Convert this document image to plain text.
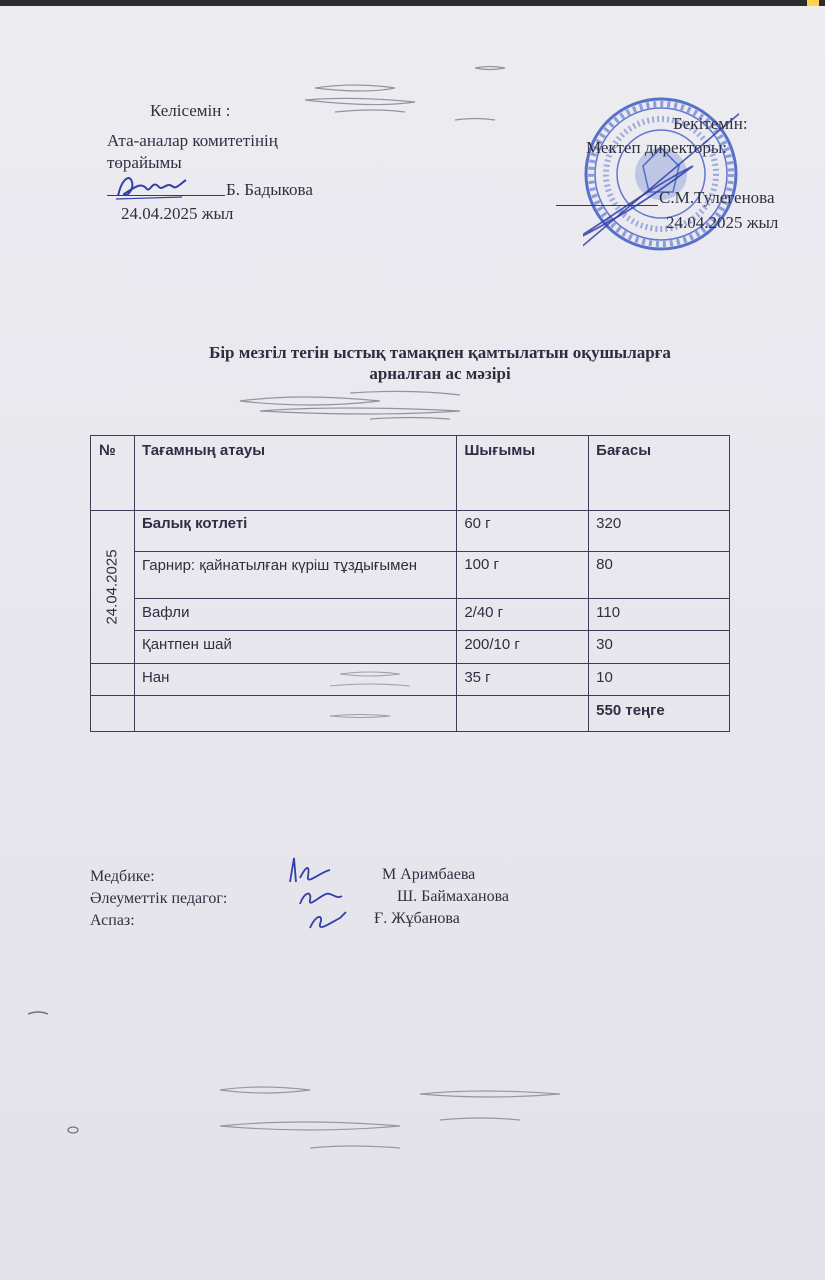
Келісемін :
Ата-аналар комитетінің
төрайымы
Б. Бадыкова
24.04.2025 жыл
Бекітемін:
Мектеп директоры:
С.М.Тулегенова
24.04.2025 жыл
Бір мезгіл тегін ыстық тамақпен қамтылатын оқушыларға
арналған ас мәзірі
№	Тағамның атауы	Шығымы	Бағасы

24.04.2025	Балық котлеті	60 г	320
	Гарнир: қайнатылған күріш тұздығымен	100 г	80
	Вафли	2/40 г	110
	Қантпен шай	200/10 г	30
	Нан	35 г	10
			550 теңге
Медбике:	М Аримбаева
Әлеуметтік педагог:	Ш. Баймаханова
Аспаз:	Ғ. Жұбанова
